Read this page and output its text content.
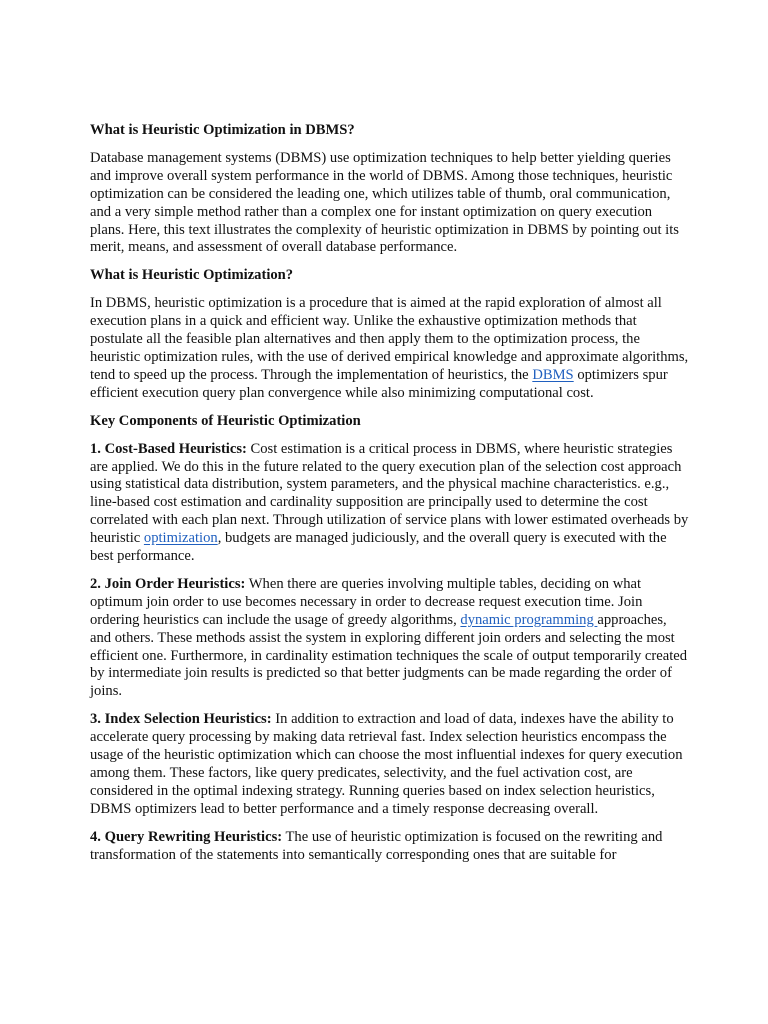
What is Heuristic Optimization in DBMS?

Database management systems (DBMS) use optimization techniques to help better yielding queries and improve overall system performance in the world of DBMS. Among those techniques, heuristic optimization can be considered the leading one, which utilizes table of thumb, oral communication, and a very simple method rather than a complex one for instant optimization on query execution plans. Here, this text illustrates the complexity of heuristic optimization in DBMS by pointing out its merit, means, and assessment of overall database performance.

What is Heuristic Optimization?

In DBMS, heuristic optimization is a procedure that is aimed at the rapid exploration of almost all execution plans in a quick and efficient way. Unlike the exhaustive optimization methods that postulate all the feasible plan alternatives and then apply them to the optimization process, the heuristic optimization rules, with the use of derived empirical knowledge and approximate algorithms, tend to speed up the process. Through the implementation of heuristics, the DBMS optimizers spur efficient execution query plan convergence while also minimizing computational cost.

Key Components of Heuristic Optimization

1. Cost-Based Heuristics: Cost estimation is a critical process in DBMS, where heuristic strategies are applied. We do this in the future related to the query execution plan of the selection cost approach using statistical data distribution, system parameters, and the physical machine characteristics. e.g., line-based cost estimation and cardinality supposition are principally used to determine the cost correlated with each plan next. Through utilization of service plans with lower estimated overheads by heuristic optimization, budgets are managed judiciously, and the overall query is executed with the best performance.

2. Join Order Heuristics: When there are queries involving multiple tables, deciding on what optimum join order to use becomes necessary in order to decrease request execution time. Join ordering heuristics can include the usage of greedy algorithms, dynamic programming approaches, and others. These methods assist the system in exploring different join orders and selecting the most efficient one. Furthermore, in cardinality estimation techniques the scale of output temporarily created by intermediate join results is predicted so that better judgments can be made regarding the order of joins.

3. Index Selection Heuristics: In addition to extraction and load of data, indexes have the ability to accelerate query processing by making data retrieval fast. Index selection heuristics encompass the usage of the heuristic optimization which can choose the most influential indexes for query execution among them. These factors, like query predicates, selectivity, and the fuel activation cost, are considered in the optimal indexing strategy. Running queries based on index selection heuristics, DBMS optimizers lead to better performance and a timely response decreasing overall.

4. Query Rewriting Heuristics: The use of heuristic optimization is focused on the rewriting and transformation of the statements into semantically corresponding ones that are suitable for
